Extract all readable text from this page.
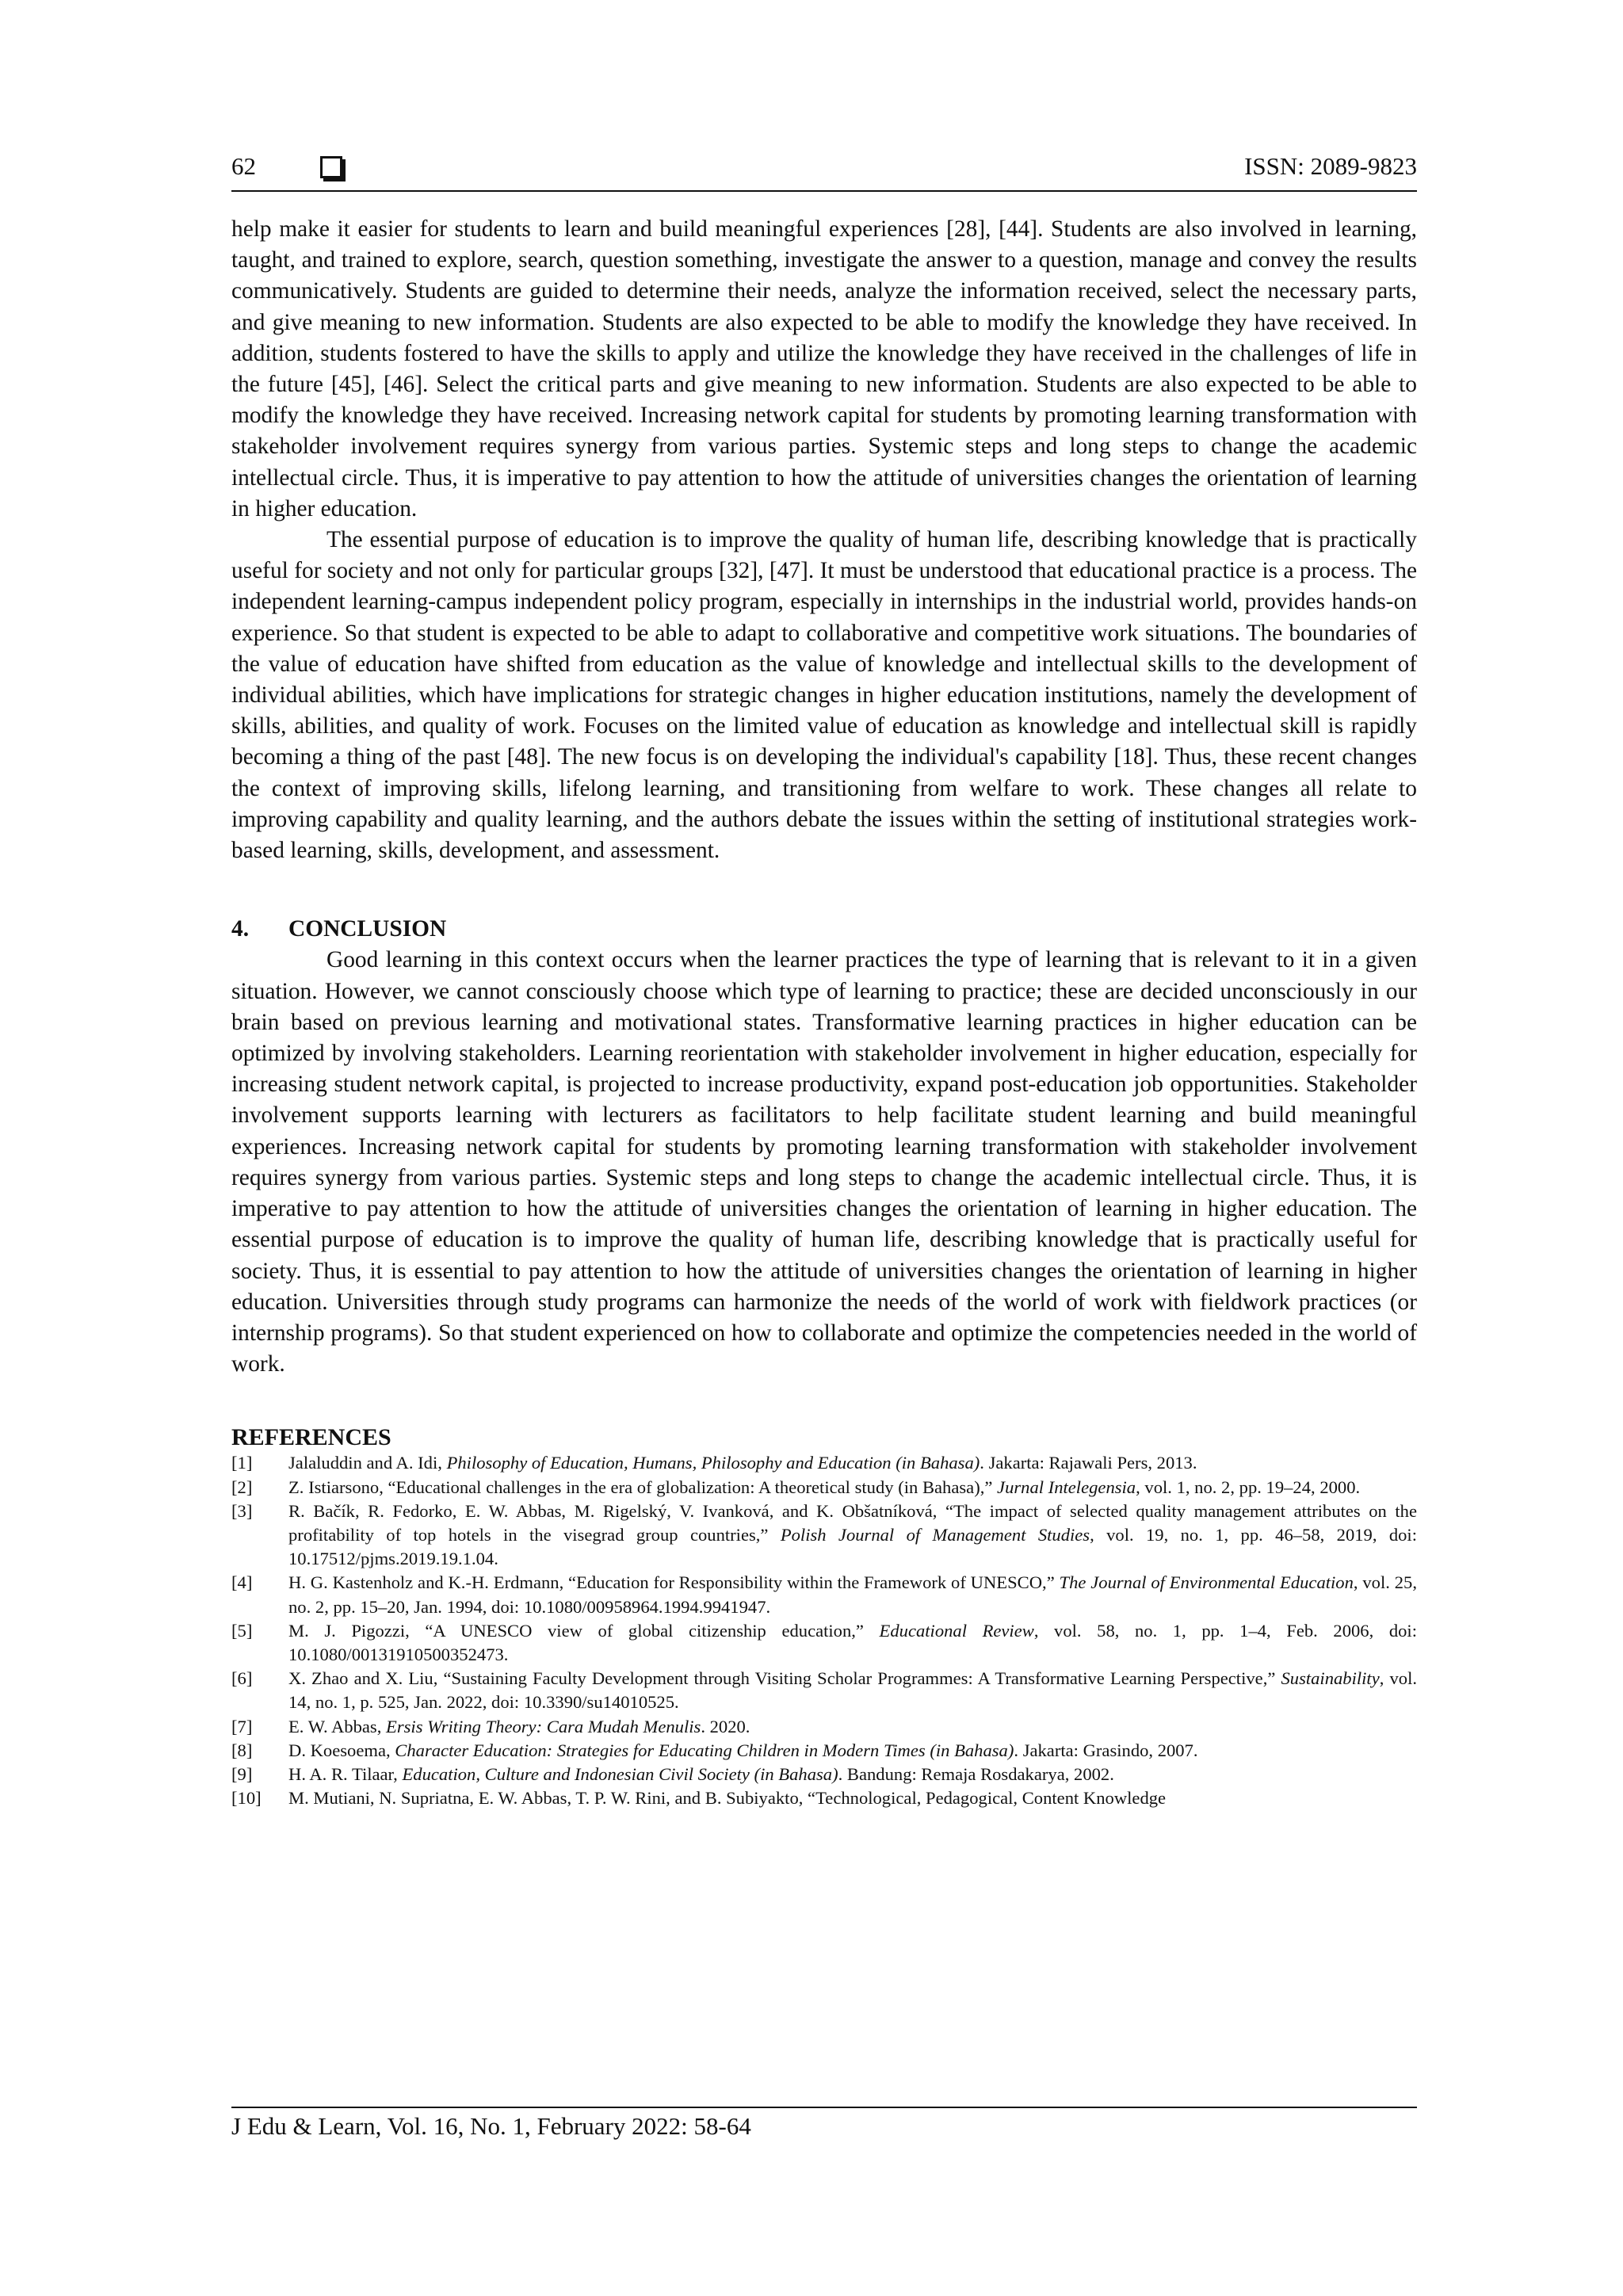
62	ISSN: 2089-9823

help make it easier for students to learn and build meaningful experiences [28], [44]. Students are also involved in learning, taught, and trained to explore, search, question something, investigate the answer to a question, manage and convey the results communicatively. Students are guided to determine their needs, analyze the information received, select the necessary parts, and give meaning to new information. Students are also expected to be able to modify the knowledge they have received. In addition, students fostered to have the skills to apply and utilize the knowledge they have received in the challenges of life in the future [45], [46]. Select the critical parts and give meaning to new information. Students are also expected to be able to modify the knowledge they have received. Increasing network capital for students by promoting learning transformation with stakeholder involvement requires synergy from various parties. Systemic steps and long steps to change the academic intellectual circle. Thus, it is imperative to pay attention to how the attitude of universities changes the orientation of learning in higher education.

The essential purpose of education is to improve the quality of human life, describing knowledge that is practically useful for society and not only for particular groups [32], [47]. It must be understood that educational practice is a process. The independent learning-campus independent policy program, especially in internships in the industrial world, provides hands-on experience. So that student is expected to be able to adapt to collaborative and competitive work situations. The boundaries of the value of education have shifted from education as the value of knowledge and intellectual skills to the development of individual abilities, which have implications for strategic changes in higher education institutions, namely the development of skills, abilities, and quality of work. Focuses on the limited value of education as knowledge and intellectual skill is rapidly becoming a thing of the past [48]. The new focus is on developing the individual's capability [18]. Thus, these recent changes the context of improving skills, lifelong learning, and transitioning from welfare to work. These changes all relate to improving capability and quality learning, and the authors debate the issues within the setting of institutional strategies work-based learning, skills, development, and assessment.

4. CONCLUSION

Good learning in this context occurs when the learner practices the type of learning that is relevant to it in a given situation. However, we cannot consciously choose which type of learning to practice; these are decided unconsciously in our brain based on previous learning and motivational states. Transformative learning practices in higher education can be optimized by involving stakeholders. Learning reorientation with stakeholder involvement in higher education, especially for increasing student network capital, is projected to increase productivity, expand post-education job opportunities. Stakeholder involvement supports learning with lecturers as facilitators to help facilitate student learning and build meaningful experiences. Increasing network capital for students by promoting learning transformation with stakeholder involvement requires synergy from various parties. Systemic steps and long steps to change the academic intellectual circle. Thus, it is imperative to pay attention to how the attitude of universities changes the orientation of learning in higher education. The essential purpose of education is to improve the quality of human life, describing knowledge that is practically useful for society. Thus, it is essential to pay attention to how the attitude of universities changes the orientation of learning in higher education. Universities through study programs can harmonize the needs of the world of work with fieldwork practices (or internship programs). So that student experienced on how to collaborate and optimize the competencies needed in the world of work.

REFERENCES
[1]	Jalaluddin and A. Idi, Philosophy of Education, Humans, Philosophy and Education (in Bahasa). Jakarta: Rajawali Pers, 2013.
[2]	Z. Istiarsono, “Educational challenges in the era of globalization: A theoretical study (in Bahasa),” Jurnal Intelegensia, vol. 1, no. 2, pp. 19–24, 2000.
[3]	R. Bačík, R. Fedorko, E. W. Abbas, M. Rigelský, V. Ivanková, and K. Obšatníková, “The impact of selected quality management attributes on the profitability of top hotels in the visegrad group countries,” Polish Journal of Management Studies, vol. 19, no. 1, pp. 46–58, 2019, doi: 10.17512/pjms.2019.19.1.04.
[4]	H. G. Kastenholz and K.-H. Erdmann, “Education for Responsibility within the Framework of UNESCO,” The Journal of Environmental Education, vol. 25, no. 2, pp. 15–20, Jan. 1994, doi: 10.1080/00958964.1994.9941947.
[5]	M. J. Pigozzi, “A UNESCO view of global citizenship education,” Educational Review, vol. 58, no. 1, pp. 1–4, Feb. 2006, doi: 10.1080/00131910500352473.
[6]	X. Zhao and X. Liu, “Sustaining Faculty Development through Visiting Scholar Programmes: A Transformative Learning Perspective,” Sustainability, vol. 14, no. 1, p. 525, Jan. 2022, doi: 10.3390/su14010525.
[7]	E. W. Abbas, Ersis Writing Theory: Cara Mudah Menulis. 2020.
[8]	D. Koesoema, Character Education: Strategies for Educating Children in Modern Times (in Bahasa). Jakarta: Grasindo, 2007.
[9]	H. A. R. Tilaar, Education, Culture and Indonesian Civil Society (in Bahasa). Bandung: Remaja Rosdakarya, 2002.
[10]	M. Mutiani, N. Supriatna, E. W. Abbas, T. P. W. Rini, and B. Subiyakto, “Technological, Pedagogical, Content Knowledge
J Edu & Learn, Vol. 16, No. 1, February 2022: 58-64
